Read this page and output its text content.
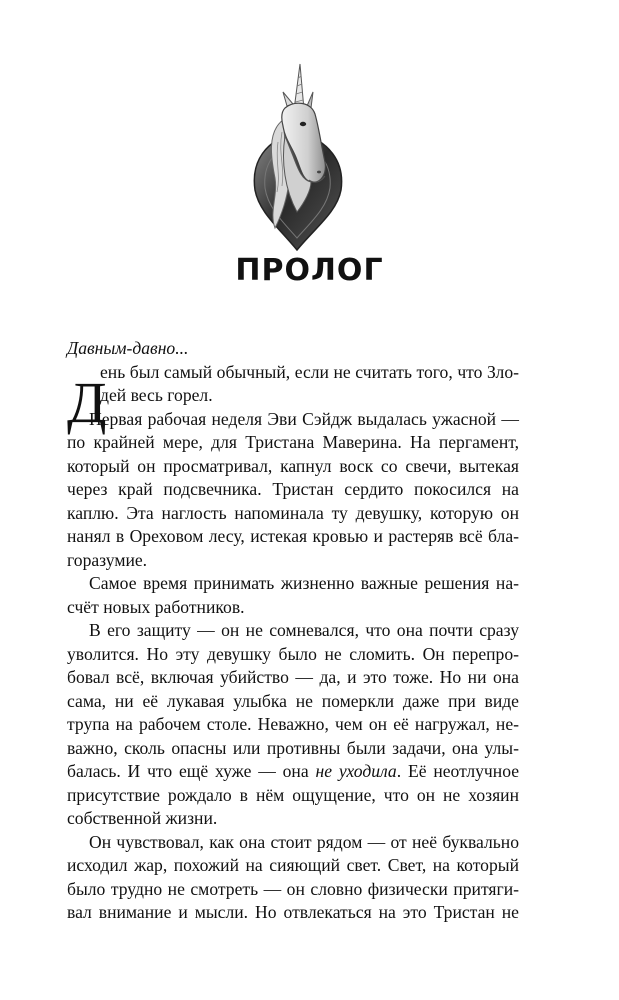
ПРОЛОГ
Д
Давным-давно...
ень был самый обычный, если не считать того, что Зло-
дей весь горел.
Первая рабочая неделя Эви Сэйдж выдалась ужасной —
по крайней мере, для Тристана Маверина. На пергамент,
который он просматривал, капнул воск со свечи, вытекая
через край подсвечника. Тристан сердито покосился на
каплю. Эта наглость напоминала ту девушку, которую он
нанял в Ореховом лесу, истекая кровью и растеряв всё бла-
горазумие.
Самое время принимать жизненно важные решения на-
счёт новых работников.
В его защиту — он не сомневался, что она почти сразу
уволится. Но эту девушку было не сломить. Он перепро-
бовал всё, включая убийство — да, и это тоже. Но ни она
сама, ни её лукавая улыбка не померкли даже при виде
трупа на рабочем столе. Неважно, чем он её нагружал, не-
важно, сколь опасны или противны были задачи, она улы-
балась. И что ещё хуже — она не уходила. Её неотлучное
присутствие рождало в нём ощущение, что он не хозяин
собственной жизни.
Он чувствовал, как она стоит рядом — от неё буквально
исходил жар, похожий на сияющий свет. Свет, на который
было трудно не смотреть — он словно физически притяги-
вал внимание и мысли. Но отвлекаться на это Тристан не
